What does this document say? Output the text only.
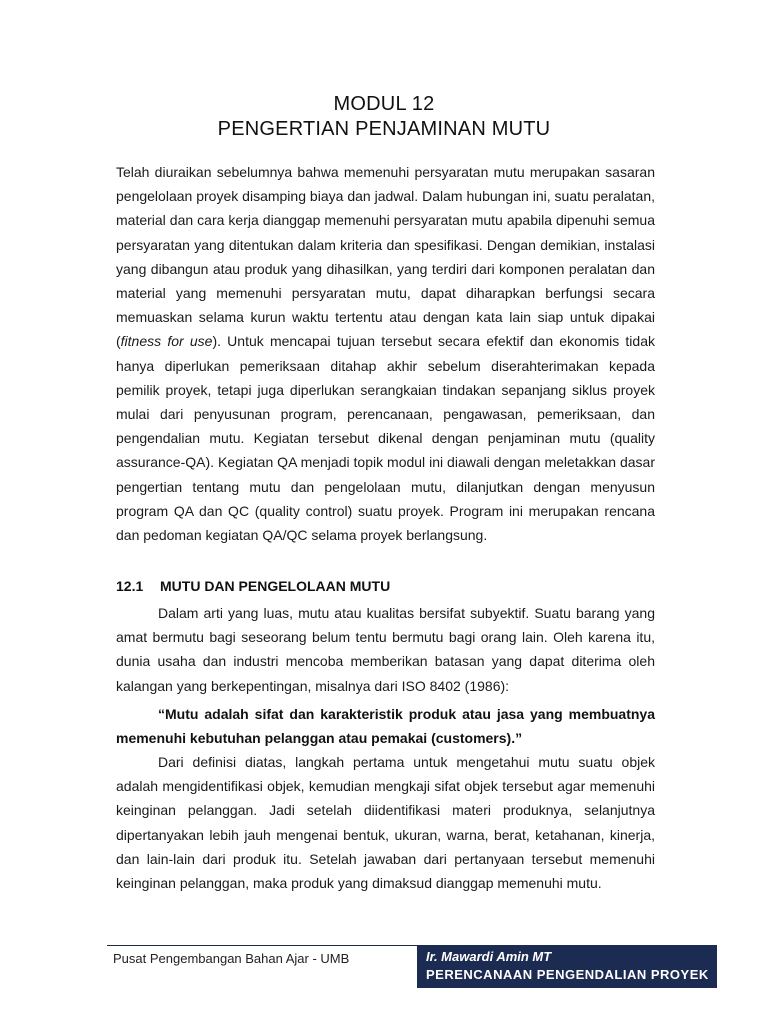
MODUL 12
PENGERTIAN PENJAMINAN MUTU
Telah diuraikan sebelumnya bahwa memenuhi persyaratan mutu merupakan sasaran pengelolaan proyek disamping biaya dan jadwal. Dalam hubungan ini, suatu peralatan, material dan cara kerja dianggap memenuhi persyaratan mutu apabila dipenuhi semua persyaratan yang ditentukan dalam kriteria dan spesifikasi. Dengan demikian, instalasi yang dibangun atau produk yang dihasilkan, yang terdiri dari komponen peralatan dan material yang memenuhi persyaratan mutu, dapat diharapkan berfungsi secara memuaskan selama kurun waktu tertentu atau dengan kata lain siap untuk dipakai (fitness for use). Untuk mencapai tujuan tersebut secara efektif dan ekonomis tidak hanya diperlukan pemeriksaan ditahap akhir sebelum diserahterimakan kepada pemilik proyek, tetapi juga diperlukan serangkaian tindakan sepanjang siklus proyek mulai dari penyusunan program, perencanaan, pengawasan, pemeriksaan, dan pengendalian mutu. Kegiatan tersebut dikenal dengan penjaminan mutu (quality assurance-QA). Kegiatan QA menjadi topik modul ini diawali dengan meletakkan dasar pengertian tentang mutu dan pengelolaan mutu, dilanjutkan dengan menyusun program QA dan QC (quality control) suatu proyek. Program ini merupakan rencana dan pedoman kegiatan QA/QC selama proyek berlangsung.
12.1 MUTU DAN PENGELOLAAN MUTU
Dalam arti yang luas, mutu atau kualitas bersifat subyektif. Suatu barang yang amat bermutu bagi seseorang belum tentu bermutu bagi orang lain. Oleh karena itu, dunia usaha dan industri mencoba memberikan batasan yang dapat diterima oleh kalangan yang berkepentingan, misalnya dari ISO 8402 (1986):
“Mutu adalah sifat dan karakteristik produk atau jasa yang membuatnya memenuhi kebutuhan pelanggan atau pemakai (customers).”
Dari definisi diatas, langkah pertama untuk mengetahui mutu suatu objek adalah mengidentifikasi objek, kemudian mengkaji sifat objek tersebut agar memenuhi keinginan pelanggan. Jadi setelah diidentifikasi materi produknya, selanjutnya dipertanyakan lebih jauh mengenai bentuk, ukuran, warna, berat, ketahanan, kinerja, dan lain-lain dari produk itu. Setelah jawaban dari pertanyaan tersebut memenuhi keinginan pelanggan, maka produk yang dimaksud dianggap memenuhi mutu.
Pusat Pengembangan Bahan Ajar - UMB	Ir. Mawardi Amin MT
PERENCANAAN PENGENDALIAN PROYEK
